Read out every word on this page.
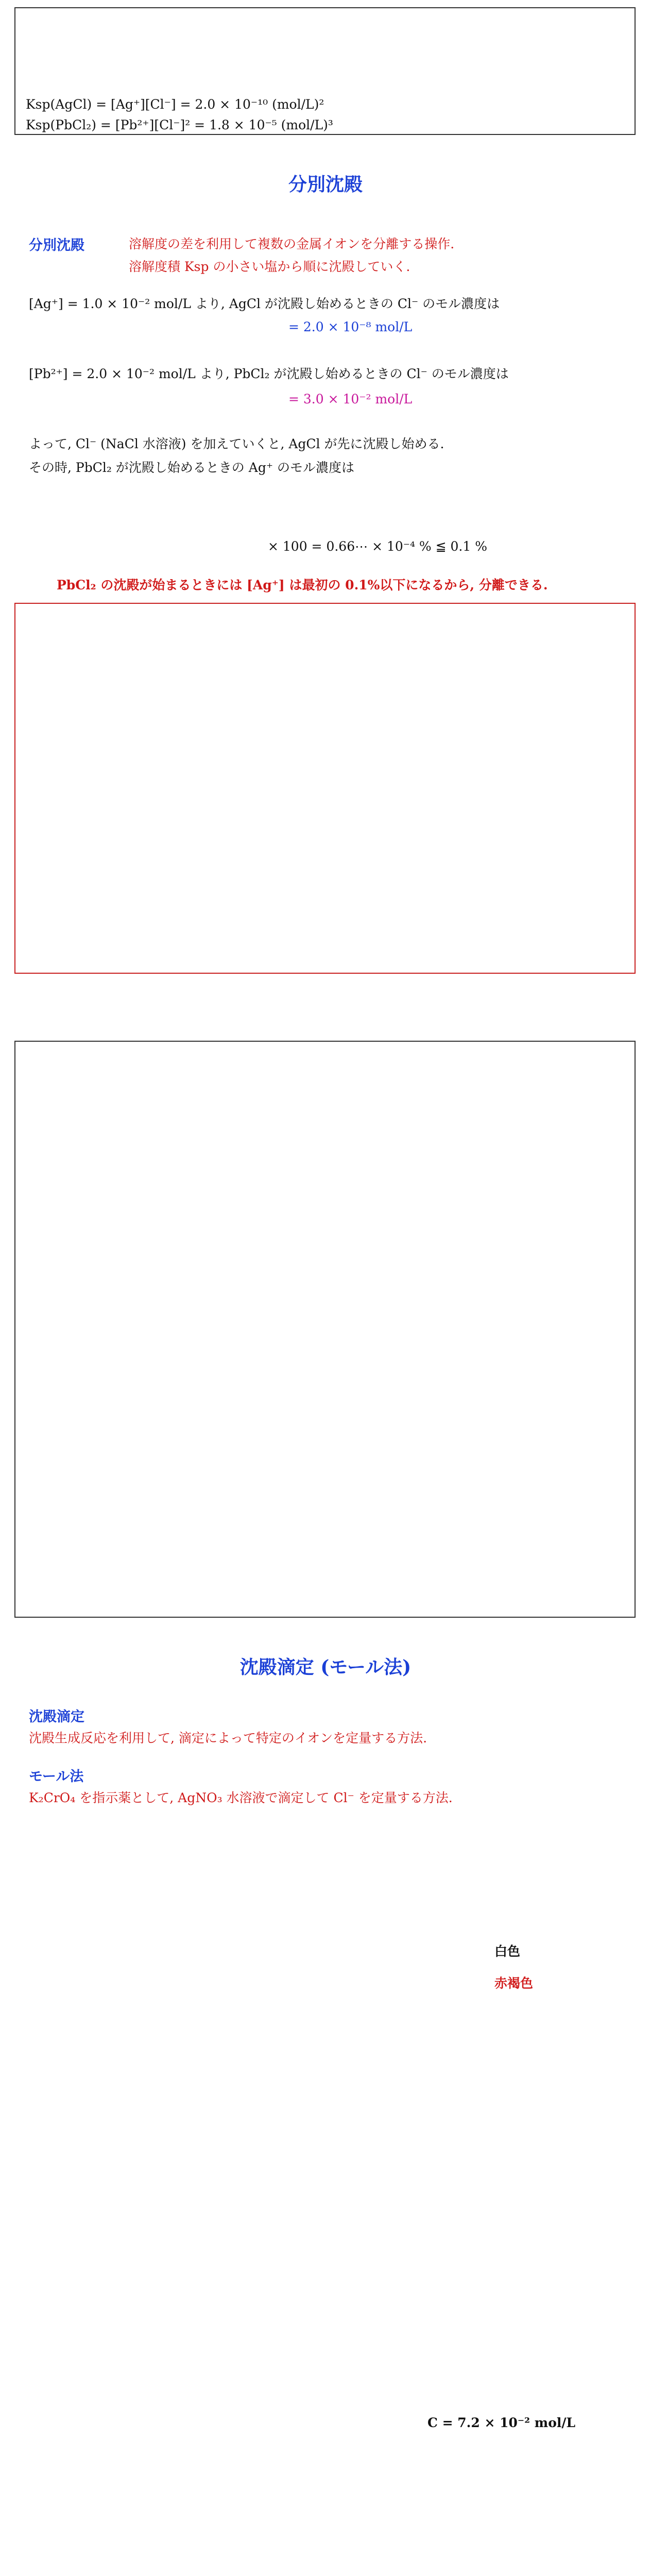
Ksp(AgCl) = [Ag⁺][Cl⁻] = 2.0 × 10⁻¹⁰ (mol/L)²
Ksp(PbCl₂) = [Pb²⁺][Cl⁻]² = 1.8 × 10⁻⁵ (mol/L)³
分別沈殿
分別沈殿	溶解度の差を利用して複数の金属イオンを分離する操作.
溶解度積 Ksp の小さい塩から順に沈殿していく.
[Ag⁺] = 1.0 × 10⁻² mol/L より, AgCl が沈殿し始めるときの Cl⁻ のモル濃度は
= 2.0 × 10⁻⁸ mol/L
[Pb²⁺] = 2.0 × 10⁻² mol/L より, PbCl₂ が沈殿し始めるときの Cl⁻ のモル濃度は
= 3.0 × 10⁻² mol/L
よって, Cl⁻ (NaCl 水溶液) を加えていくと, AgCl が先に沈殿し始める.
その時, PbCl₂ が沈殿し始めるときの Ag⁺ のモル濃度は
× 100 = 0.66⋯ × 10⁻⁴ % ≦ 0.1 %
PbCl₂ の沈殿が始まるときには [Ag⁺] は最初の 0.1%以下になるから, 分離できる.
沈殿滴定 (モール法)
沈殿滴定
沈殿生成反応を利用して, 滴定によって特定のイオンを定量する方法.
モール法
K₂CrO₄ を指示薬として, AgNO₃ 水溶液で滴定して Cl⁻ を定量する方法.
白色
赤褐色
C = 7.2 × 10⁻² mol/L
